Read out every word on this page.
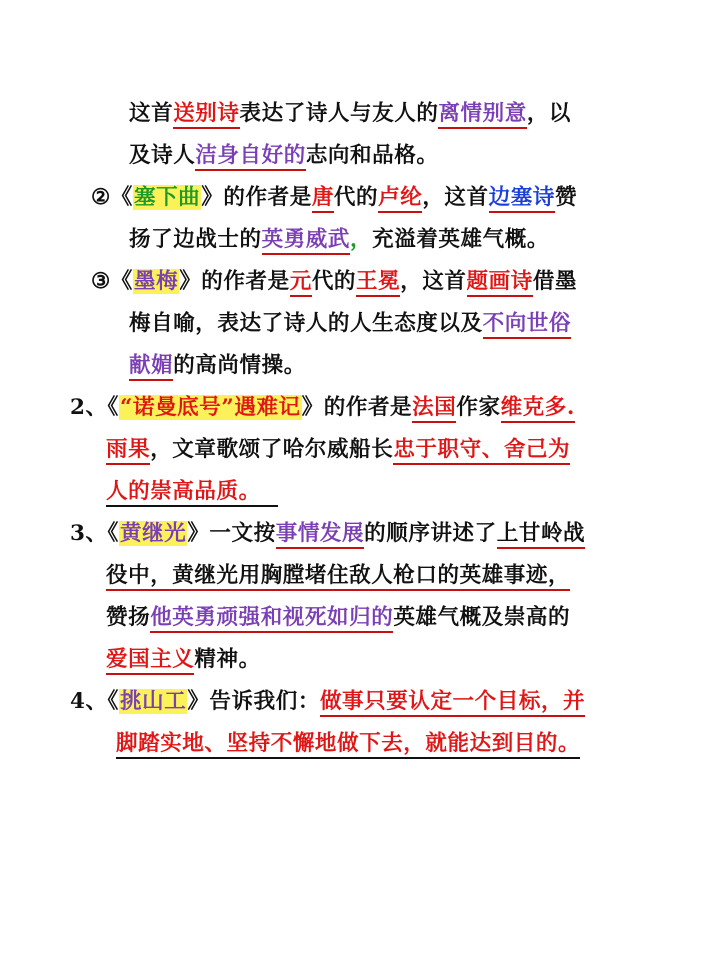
这首送别诗表达了诗人与友人的离情别意，以
及诗人洁身自好的志向和品格。
②《塞下曲》的作者是唐代的卢纶，这首边塞诗赞
扬了边战士的英勇威武，充溢着英雄气概。
③《墨梅》的作者是元代的王冕，这首题画诗借墨
梅自喻，表达了诗人的人生态度以及不向世俗
献媚的高尚情操。
2、《“诺曼底号”遇难记》的作者是法国作家维克多.
雨果，文章歌颂了哈尔威船长忠于职守、舍己为
人的崇高品质。
3、《黄继光》一文按事情发展的顺序讲述了上甘岭战
役中，黄继光用胸膛堵住敌人枪口的英雄事迹，
赞扬他英勇顽强和视死如归的英雄气概及崇高的
爱国主义精神。
4、《挑山工》告诉我们：做事只要认定一个目标，并
脚踏实地、坚持不懈地做下去，就能达到目的。
